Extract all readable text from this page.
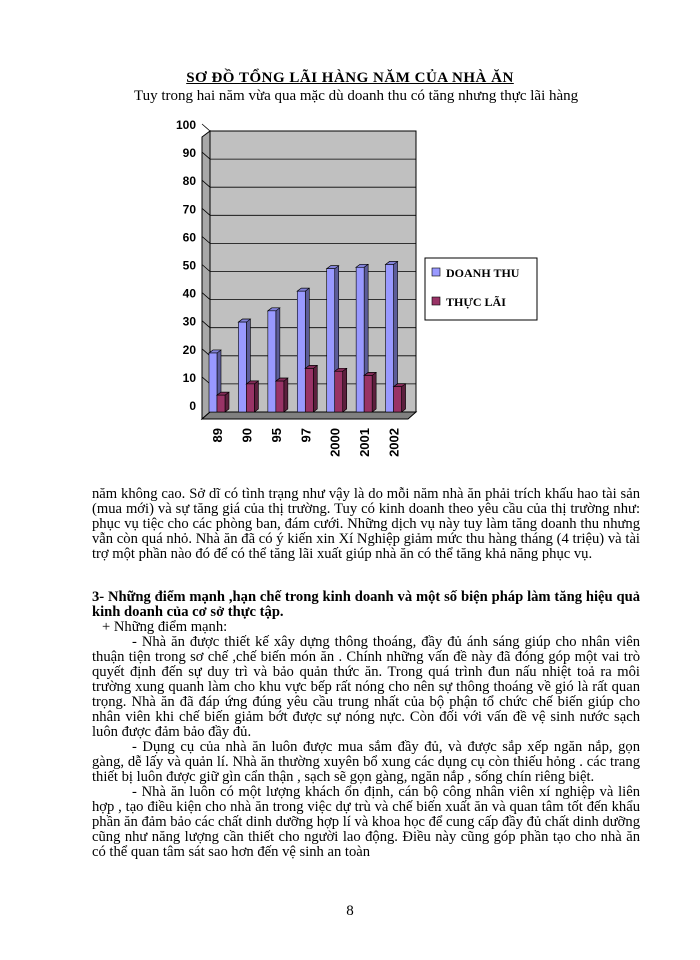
SƠ ĐỒ TỔNG LÃI HÀNG NĂM CỦA NHÀ ĂN
Tuy trong hai năm vừa qua mặc dù doanh thu có tăng nhưng thực lãi hàng
0
10
20
30
40
50
60
70
80
90
100
89 90 95 97 2000 2001 2002
DOANH THU
THỰC LÃI

năm không cao. Sở dĩ có tình trạng như vậy là do mỗi năm nhà ăn phải trích khấu hao tài sản (mua mới) và sự tăng giá của thị trường. Tuy có kinh doanh theo yêu cầu của thị trường như: phục vụ tiệc cho các phòng ban, đám cưới. Những dịch vụ này tuy làm tăng doanh thu nhưng vẫn còn quá nhỏ. Nhà ăn đã có ý kiến xin Xí Nghiệp giảm mức thu hàng tháng (4 triệu) và tài trợ một phần nào đó để có thể tăng lãi xuất giúp nhà ăn có thể tăng khả năng phục vụ.

3- Những điểm mạnh ,hạn chế trong kinh doanh và một số biện pháp làm tăng hiệu quả kinh doanh của cơ sở thực tập.

+ Những điểm mạnh:

- Nhà ăn được thiết kế xây dựng thông thoáng, đầy đủ ánh sáng giúp cho nhân viên thuận tiện trong sơ chế ,chế biến món ăn . Chính những vấn đề này đã đóng góp một vai trò quyết định đến sự duy trì và bảo quản thức ăn. Trong quá trình đun nấu nhiệt toả ra môi trường xung quanh làm cho khu vực bếp rất nóng cho nên sự thông thoáng về gió là rất quan trọng. Nhà ăn đã đáp ứng đúng yêu cầu trung nhất của bộ phận tổ chức chế biến giúp cho nhân viên khi chế biến giảm bớt được sự nóng nực. Còn đối với vấn đề vệ sinh nước sạch luôn được đảm bảo đầy đủ.

- Dụng cụ của nhà ăn luôn được mua sắm đầy đủ, và được sắp xếp ngăn nắp, gọn gàng, dễ lấy và quản lí. Nhà ăn thường xuyên bổ xung các dụng cụ còn thiếu hỏng . các trang thiết bị luôn được giữ gìn cẩn thận , sạch sẽ gọn gàng, ngăn nắp , sống chín riêng biệt.

- Nhà ăn luôn có một lượng khách ổn định, cán bộ công nhân viên xí nghiệp và liên hợp , tạo điều kiện cho nhà ăn trong việc dự trù và chế biến xuất ăn và quan tâm tốt đến khẩu phần ăn đảm bảo các chất dinh dưỡng hợp lí và khoa học để cung cấp đầy đủ chất dinh dưỡng cũng như năng lượng cần thiết cho người lao động. Điều này cũng góp phần tạo cho nhà ăn có thể quan tâm sát sao hơn đến vệ sinh an toàn

8
